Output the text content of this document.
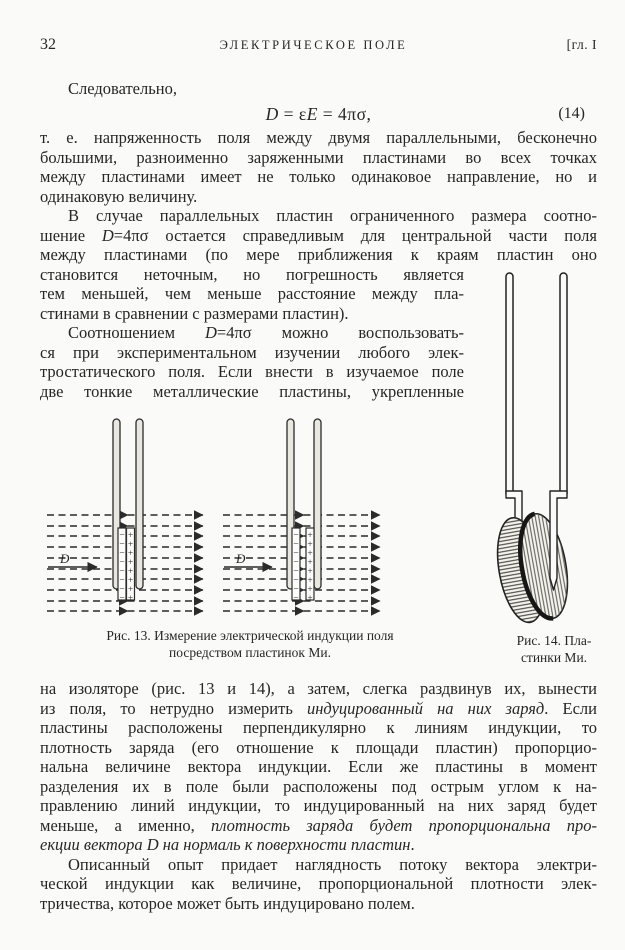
32	ЭЛЕКТРИЧЕСКОЕ ПОЛЕ	[гл. I
Следовательно,
D = εE = 4πσ,	(14)
т. е. напряженность поля между двумя параллельными, бесконечно
большими, разноименно заряженными пластинами во всех точках
между пластинами имеет не только одинаковое направление, но и
одинаковую величину.
В случае параллельных пластин ограниченного размера соотно-
шение D=4πσ остается справедливым для центральной части поля
между пластинами (по мере приближения к краям пластин оно
становится неточным, но погрешность является
тем меньшей, чем меньше расстояние между пла-
стинами в сравнении с размерами пластин).
Соотношением D=4πσ можно воспользовать-
ся при экспериментальном изучении любого элек-
тростатического поля. Если внести в изучаемое поле
две тонкие металлические пластины, укрепленные
− − − − − − − −
+ + + + + + + +
D
− − − − − − − −
+ + + + + + + +
D
Рис. 13. Измерение электрической индукции поля
посредством пластинок Ми.
на изоляторе (рис. 13 и 14), а затем, слегка раздвинув их, вынести
из поля, то нетрудно измерить индуцированный на них заряд. Если
пластины расположены перпендикулярно к линиям индукции, то
плотность заряда (его отношение к площади пластин) пропорцио-
нальна величине вектора индукции. Если же пластины в момент
разделения их в поле были расположены под острым углом к на-
правлению линий индукции, то индуцированный на них заряд будет
меньше, а именно, плотность заряда будет пропорциональна про-
екции вектора D на нормаль к поверхности пластин.
Описанный опыт придает наглядность потоку вектора электри-
ческой индукции как величине, пропорциональной плотности элек-
тричества, которое может быть индуцировано полем.
Рис. 14. Пла-
стинки Ми.
